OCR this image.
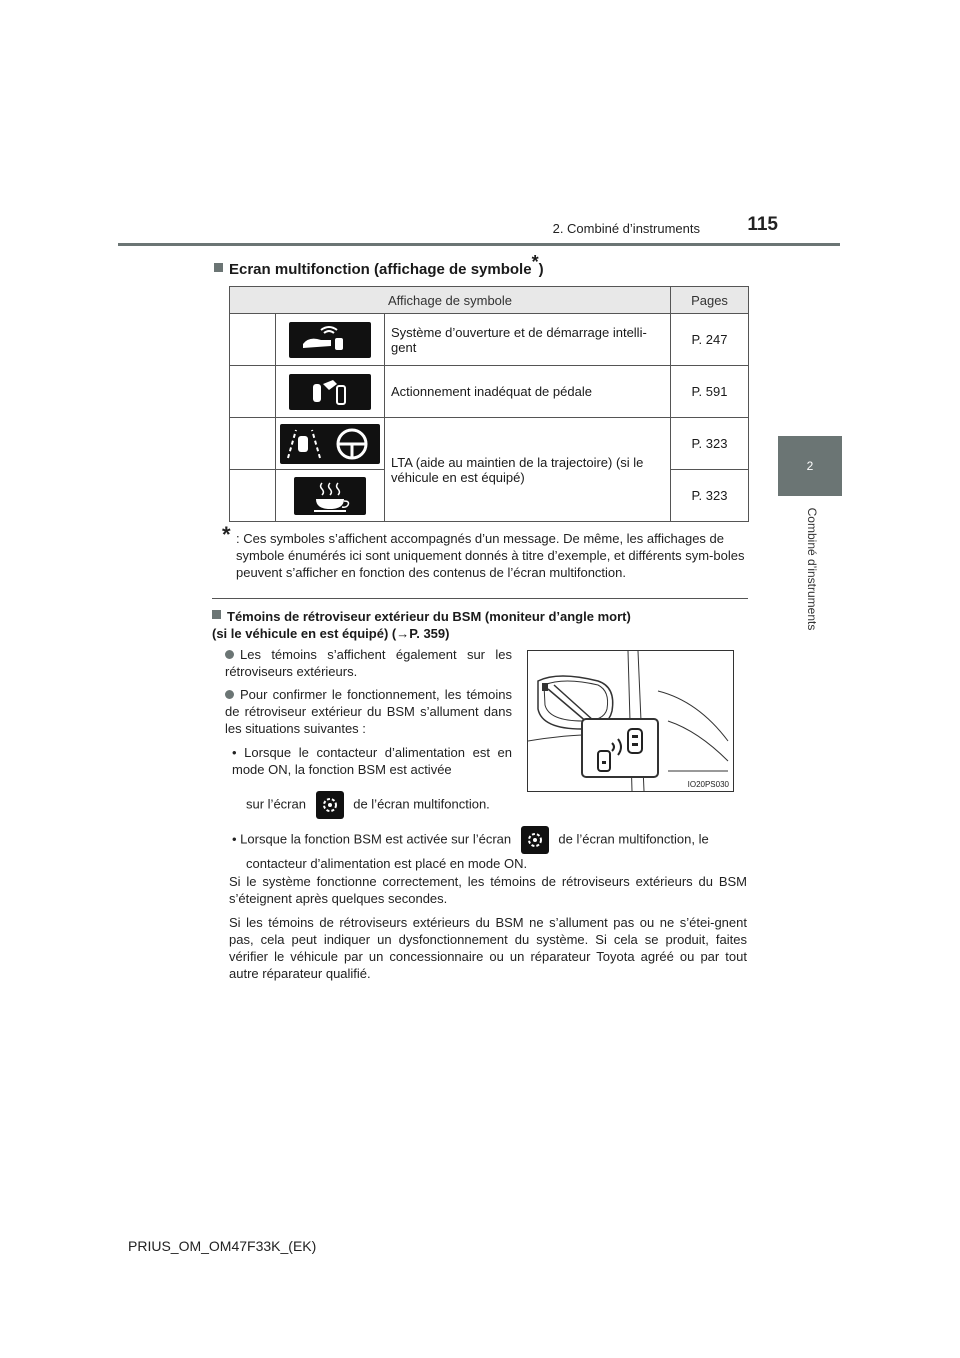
2. Combiné d’instruments	115
2
Combiné d’instruments
Ecran multifonction (affichage de symbole*)
Affichage de symbole			Pages
		Système d’ouverture et de démarrage intelli-gent	P. 247
		Actionnement inadéquat de pédale	P. 591
		LTA (aide au maintien de la trajectoire) (si le véhicule en est équipé)	P. 323
		P. 323
* : Ces symboles s’affichent accompagnés d’un message. De même, les affichages de symbole énumérés ici sont uniquement donnés à titre d’exemple, et différents sym-boles peuvent s’afficher en fonction des contenus de l’écran multifonction.
Témoins de rétroviseur extérieur du BSM (moniteur d’angle mort)
(si le véhicule en est équipé) (→P. 359)
Les témoins s’affichent également sur les rétroviseurs extérieurs.
Pour confirmer le fonctionnement, les témoins de rétroviseur extérieur du BSM s’allument dans les situations suivantes :
• Lorsque le contacteur d’alimentation est en mode ON, la fonction BSM est activée
sur l’écran	de l’écran multifonction.
• Lorsque la fonction BSM est activée sur l’écran	de l’écran multifonction, le
contacteur d’alimentation est placé en mode ON.
Si le système fonctionne correctement, les témoins de rétroviseurs extérieurs du BSM s’éteignent après quelques secondes.
Si les témoins de rétroviseurs extérieurs du BSM ne s’allument pas ou ne s’étei-gnent pas, cela peut indiquer un dysfonctionnement du système. Si cela se produit, faites vérifier le véhicule par un concessionnaire ou un réparateur Toyota agréé ou par tout autre réparateur qualifié.
IO20PS030
PRIUS_OM_OM47F33K_(EK)
